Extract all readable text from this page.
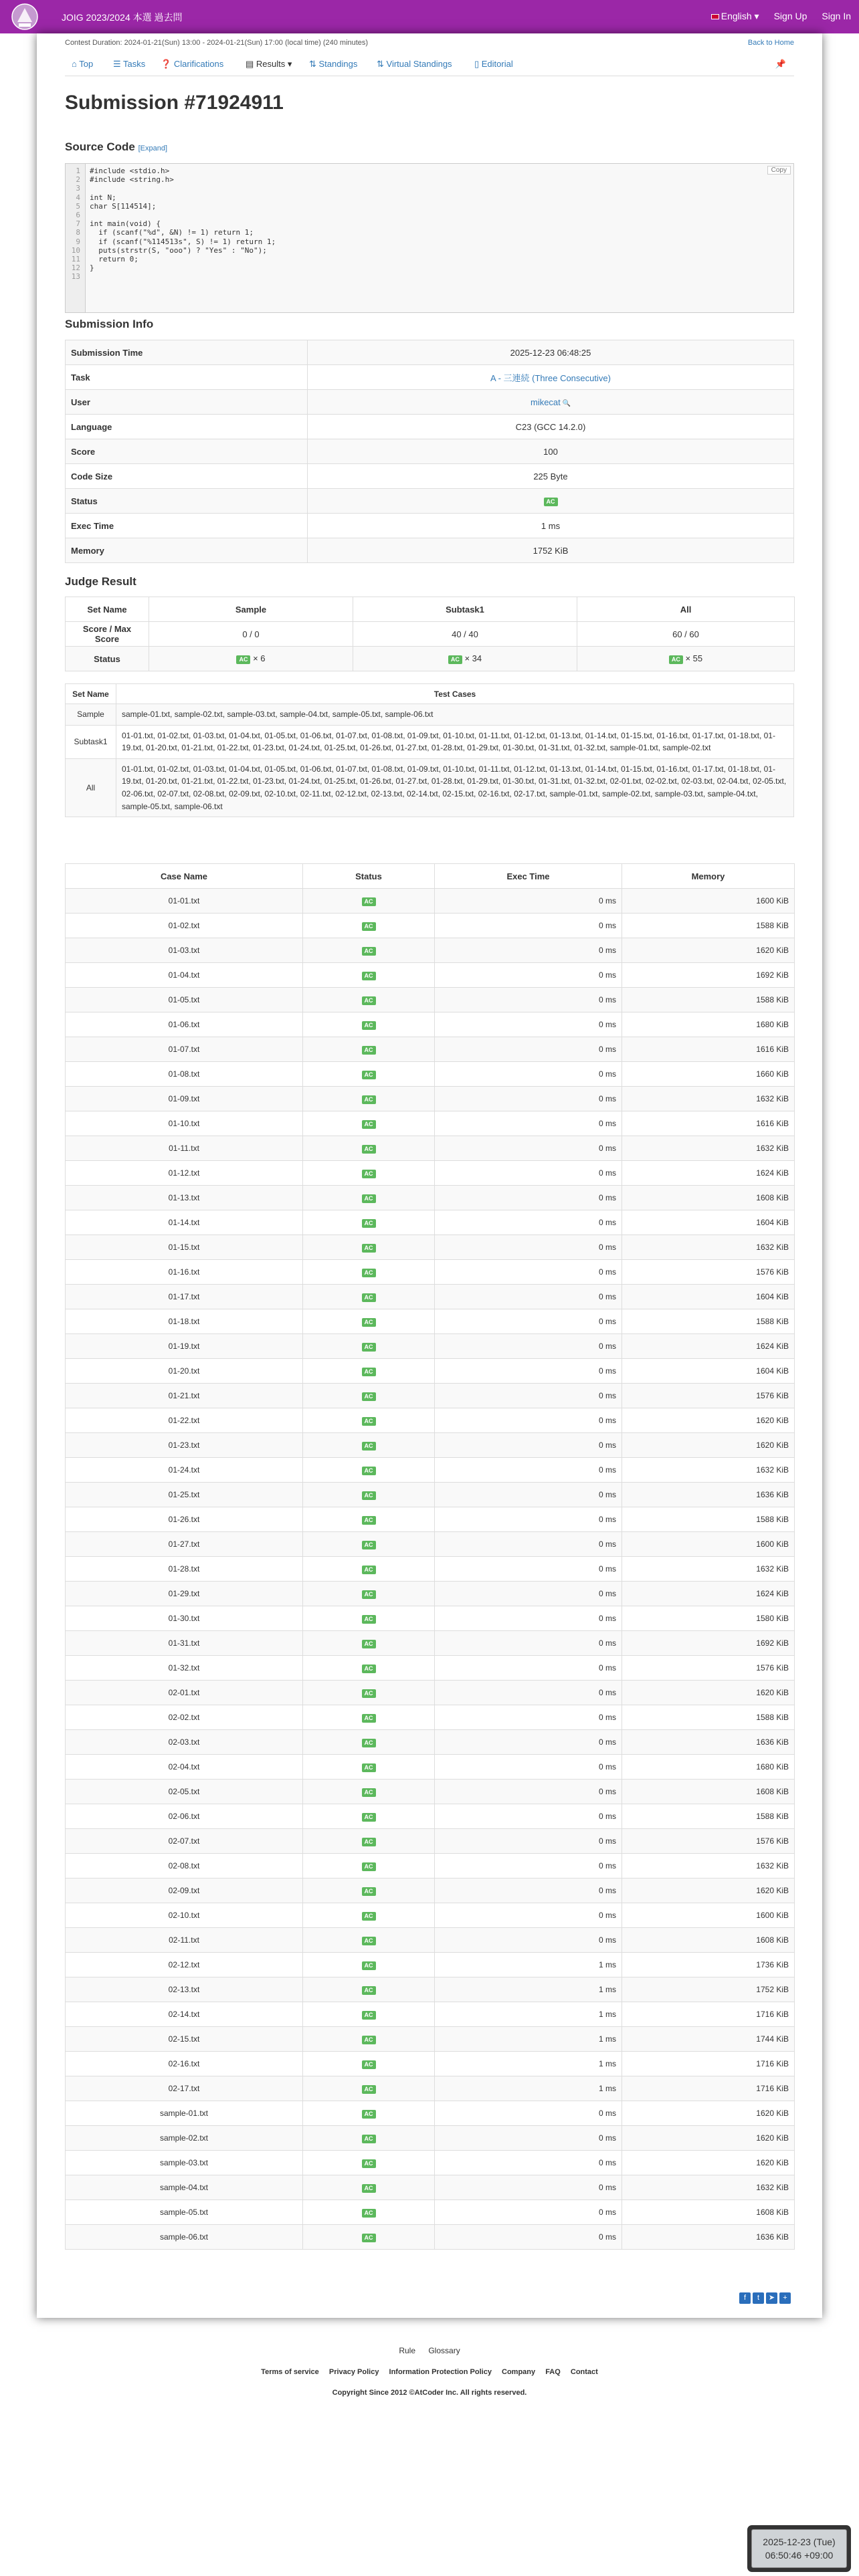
JOIG 2023/2024 本選 過去問	English ▾ Sign Up Sign In
Contest Duration: 2024-01-21(Sun) 13:00 - 2024-01-21(Sun) 17:00 (local time) (240 minutes)	Back to Home
⌂ Top ☰ Tasks ❓ Clarifications	▤ Results ▾ ⇅ Standings ⇅ Virtual Standings	▯ Editorial	📌
Submission #71924911
Source Code [Expand]
Copy
1 #include <stdio.h>
2 #include <string.h>
3
4 int N;
5 char S[114514];
6
7 int main(void) {
8 if (scanf("%d", &N) != 1) return 1;
9 if (scanf("%114513s", S) != 1) return 1;
10 puts(strstr(S, "ooo") ? "Yes" : "No");
11 return 0;
12 }
13
Submission Info
Submission Time	2025-12-23 06:48:25
Task	A - 三連続 (Three Consecutive)
User	mikecat 🔍
Language	C23 (GCC 14.2.0)
Score	100
Code Size	225 Byte
Status	AC
Exec Time	1 ms
Memory	1752 KiB
Judge Result
Set Name	Sample	Subtask1	All
Score / Max Score	0 / 0	40 / 40	60 / 60
Status	AC × 6	AC × 34	AC × 55
Set Name	Test Cases
Sample	sample-01.txt, sample-02.txt, sample-03.txt, sample-04.txt, sample-05.txt, sample-06.txt
Subtask1	01-01.txt, 01-02.txt, 01-03.txt, 01-04.txt, 01-05.txt, 01-06.txt, 01-07.txt, 01-08.txt, 01-09.txt, 01-10.txt, 01-11.txt, 01-12.txt, 01-13.txt, 01-14.txt, 01-15.txt, 01-16.txt, 01-17.txt, 01-18.txt, 01-19.txt, 01-20.txt, 01-21.txt, 01-22.txt, 01-23.txt, 01-24.txt, 01-25.txt, 01-26.txt, 01-27.txt, 01-28.txt, 01-29.txt, 01-30.txt, 01-31.txt, 01-32.txt, sample-01.txt, sample-02.txt
All	01-01.txt, 01-02.txt, 01-03.txt, 01-04.txt, 01-05.txt, 01-06.txt, 01-07.txt, 01-08.txt, 01-09.txt, 01-10.txt, 01-11.txt, 01-12.txt, 01-13.txt, 01-14.txt, 01-15.txt, 01-16.txt, 01-17.txt, 01-18.txt, 01-19.txt, 01-20.txt, 01-21.txt, 01-22.txt, 01-23.txt, 01-24.txt, 01-25.txt, 01-26.txt, 01-27.txt, 01-28.txt, 01-29.txt, 01-30.txt, 01-31.txt, 01-32.txt, 02-01.txt, 02-02.txt, 02-03.txt, 02-04.txt, 02-05.txt, 02-06.txt, 02-07.txt, 02-08.txt, 02-09.txt, 02-10.txt, 02-11.txt, 02-12.txt, 02-13.txt, 02-14.txt, 02-15.txt, 02-16.txt, 02-17.txt, sample-01.txt, sample-02.txt, sample-03.txt, sample-04.txt, sample-05.txt, sample-06.txt
Case Name	Status	Exec Time	Memory
01-01.txt	AC	0 ms	1600 KiB
01-02.txt	AC	0 ms	1588 KiB
01-03.txt	AC	0 ms	1620 KiB
01-04.txt	AC	0 ms	1692 KiB
01-05.txt	AC	0 ms	1588 KiB
01-06.txt	AC	0 ms	1680 KiB
01-07.txt	AC	0 ms	1616 KiB
01-08.txt	AC	0 ms	1660 KiB
01-09.txt	AC	0 ms	1632 KiB
01-10.txt	AC	0 ms	1616 KiB
01-11.txt	AC	0 ms	1632 KiB
01-12.txt	AC	0 ms	1624 KiB
01-13.txt	AC	0 ms	1608 KiB
01-14.txt	AC	0 ms	1604 KiB
01-15.txt	AC	0 ms	1632 KiB
01-16.txt	AC	0 ms	1576 KiB
01-17.txt	AC	0 ms	1604 KiB
01-18.txt	AC	0 ms	1588 KiB
01-19.txt	AC	0 ms	1624 KiB
01-20.txt	AC	0 ms	1604 KiB
01-21.txt	AC	0 ms	1576 KiB
01-22.txt	AC	0 ms	1620 KiB
01-23.txt	AC	0 ms	1620 KiB
01-24.txt	AC	0 ms	1632 KiB
01-25.txt	AC	0 ms	1636 KiB
01-26.txt	AC	0 ms	1588 KiB
01-27.txt	AC	0 ms	1600 KiB
01-28.txt	AC	0 ms	1632 KiB
01-29.txt	AC	0 ms	1624 KiB
01-30.txt	AC	0 ms	1580 KiB
01-31.txt	AC	0 ms	1692 KiB
01-32.txt	AC	0 ms	1576 KiB
02-01.txt	AC	0 ms	1620 KiB
02-02.txt	AC	0 ms	1588 KiB
02-03.txt	AC	0 ms	1636 KiB
02-04.txt	AC	0 ms	1680 KiB
02-05.txt	AC	0 ms	1608 KiB
02-06.txt	AC	0 ms	1588 KiB
02-07.txt	AC	0 ms	1576 KiB
02-08.txt	AC	0 ms	1632 KiB
02-09.txt	AC	0 ms	1620 KiB
02-10.txt	AC	0 ms	1600 KiB
02-11.txt	AC	0 ms	1608 KiB
02-12.txt	AC	1 ms	1736 KiB
02-13.txt	AC	1 ms	1752 KiB
02-14.txt	AC	1 ms	1716 KiB
02-15.txt	AC	1 ms	1744 KiB
02-16.txt	AC	1 ms	1716 KiB
02-17.txt	AC	1 ms	1716 KiB
sample-01.txt	AC	0 ms	1620 KiB
sample-02.txt	AC	0 ms	1620 KiB
sample-03.txt	AC	0 ms	1620 KiB
sample-04.txt	AC	0 ms	1632 KiB
sample-05.txt	AC	0 ms	1608 KiB
sample-06.txt	AC	0 ms	1636 KiB
f	t	➤	+
Rule Glossary
Terms of service Privacy Policy Information Protection Policy Company FAQ Contact
Copyright Since 2012 ©AtCoder Inc. All rights reserved.
2025-12-23 (Tue)
06:50:46 +09:00
